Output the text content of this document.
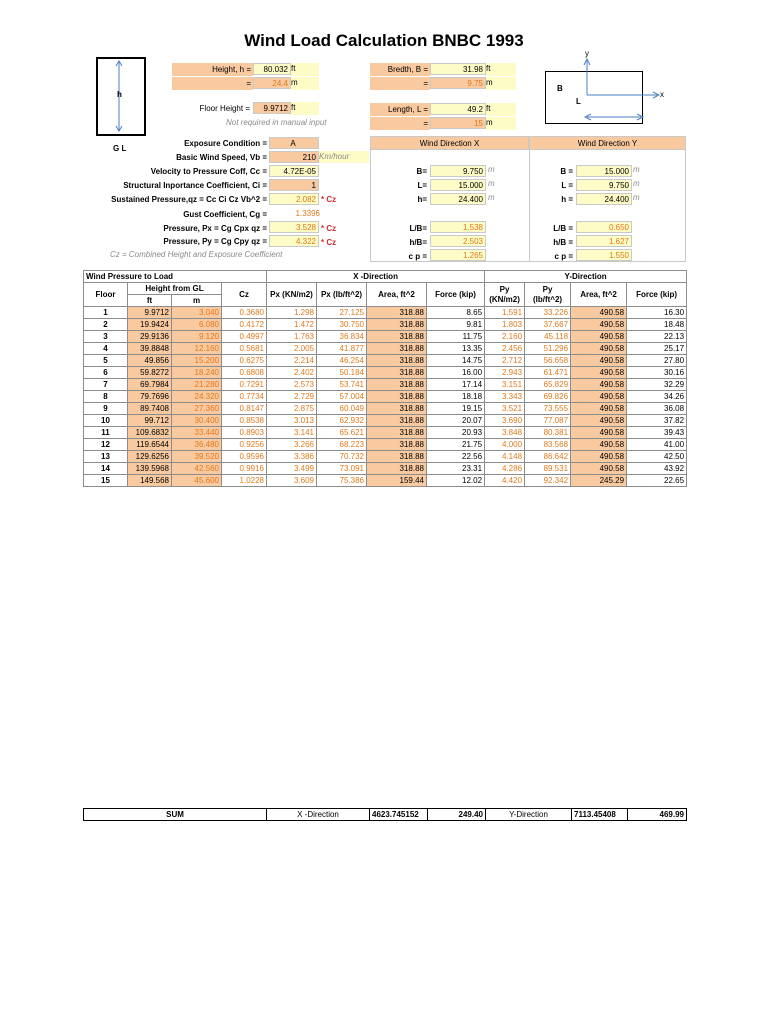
Wind Load Calculation BNBC 1993
h
G L
y
x
B
L
Height, h =	80.032 ft
=	24.4 m
Floor Height =	9.9712 ft
Not required in manual input
Bredth, B =	31.98 ft
=	9.75 m
Length, L =	49.2 ft
=	15 m
Exposure Condition =	A
Basic Wind Speed, Vb =	210 Km/hour
Velocity to Pressure Coff, Cc =	4.72E-05
Structural Inportance Coefficient, Ci =	1
Sustained Pressure,qz = Cc Ci Cz Vb^2 =	2.082 * Cz
Gust Coefficient, Cg =	1.3396
Pressure, Px = Cg Cpx qz =	3.528 * Cz
Pressure, Py = Cg Cpy qz =	4.322 * Cz
Cz = Combined Height and Exposure Coefficient
Wind Direction X
B=	9.750 m
L=	15.000 m
h=	24.400 m
L/B=	1.538
h/B=	2.503
c p =	1.265
Wind Direction Y
B =	15.000 m
L =	9.750 m
h =	24.400 m
L/B =	0.650
h/B =	1.627
c p =	1.550
Wind Pressure to Load				X -Direction				Y-Direction			
Floor	Height from GL		Cz	Px (KN/m2)	Px (lb/ft^2)	Area, ft^2	Force (kip)	Py (KN/m2)	Py (lb/ft^2)	Area, ft^2	Force (kip)
	ft	m									
1	9.9712	3.040	0.3680	1.298	27.125	318.88	8.65	1.591	33.226	490.58	16.30
2	19.9424	6.080	0.4172	1.472	30.750	318.88	9.81	1.803	37.667	490.58	18.48
3	29.9136	9.120	0.4997	1.763	36.834	318.88	11.75	2.160	45.118	490.58	22.13
4	39.8848	12.160	0.5681	2.005	41.877	318.88	13.35	2.456	51.296	490.58	25.17
5	49.856	15.200	0.6275	2.214	46.254	318.88	14.75	2.712	56.658	490.58	27.80
6	59.8272	18.240	0.6808	2.402	50.184	318.88	16.00	2.943	61.471	490.58	30.16
7	69.7984	21.280	0.7291	2.573	53.741	318.88	17.14	3.151	65.829	490.58	32.29
8	79.7696	24.320	0.7734	2.729	57.004	318.88	18.18	3.343	69.826	490.58	34.26
9	89.7408	27.360	0.8147	2.875	60.049	318.88	19.15	3.521	73.555	490.58	36.08
10	99.712	30.400	0.8538	3.013	62.932	318.88	20.07	3.690	77.087	490.58	37.82
11	109.6832	33.440	0.8903	3.141	65.621	318.88	20.93	3.848	80.381	490.58	39.43
12	119.6544	36.480	0.9256	3.266	68.223	318.88	21.75	4.000	83.568	490.58	41.00
13	129.6256	39.520	0.9596	3.386	70.732	318.88	22.56	4.148	86.642	490.58	42.50
14	139.5968	42.560	0.9916	3.499	73.091	318.88	23.31	4.286	89.531	490.58	43.92
15	149.568	45.600	1.0228	3.609	75.386	159.44	12.02	4.420	92.342	245.29	22.65
SUM	X -Direction	4623.745152	249.40	Y-Direction	7113.45408	469.99
